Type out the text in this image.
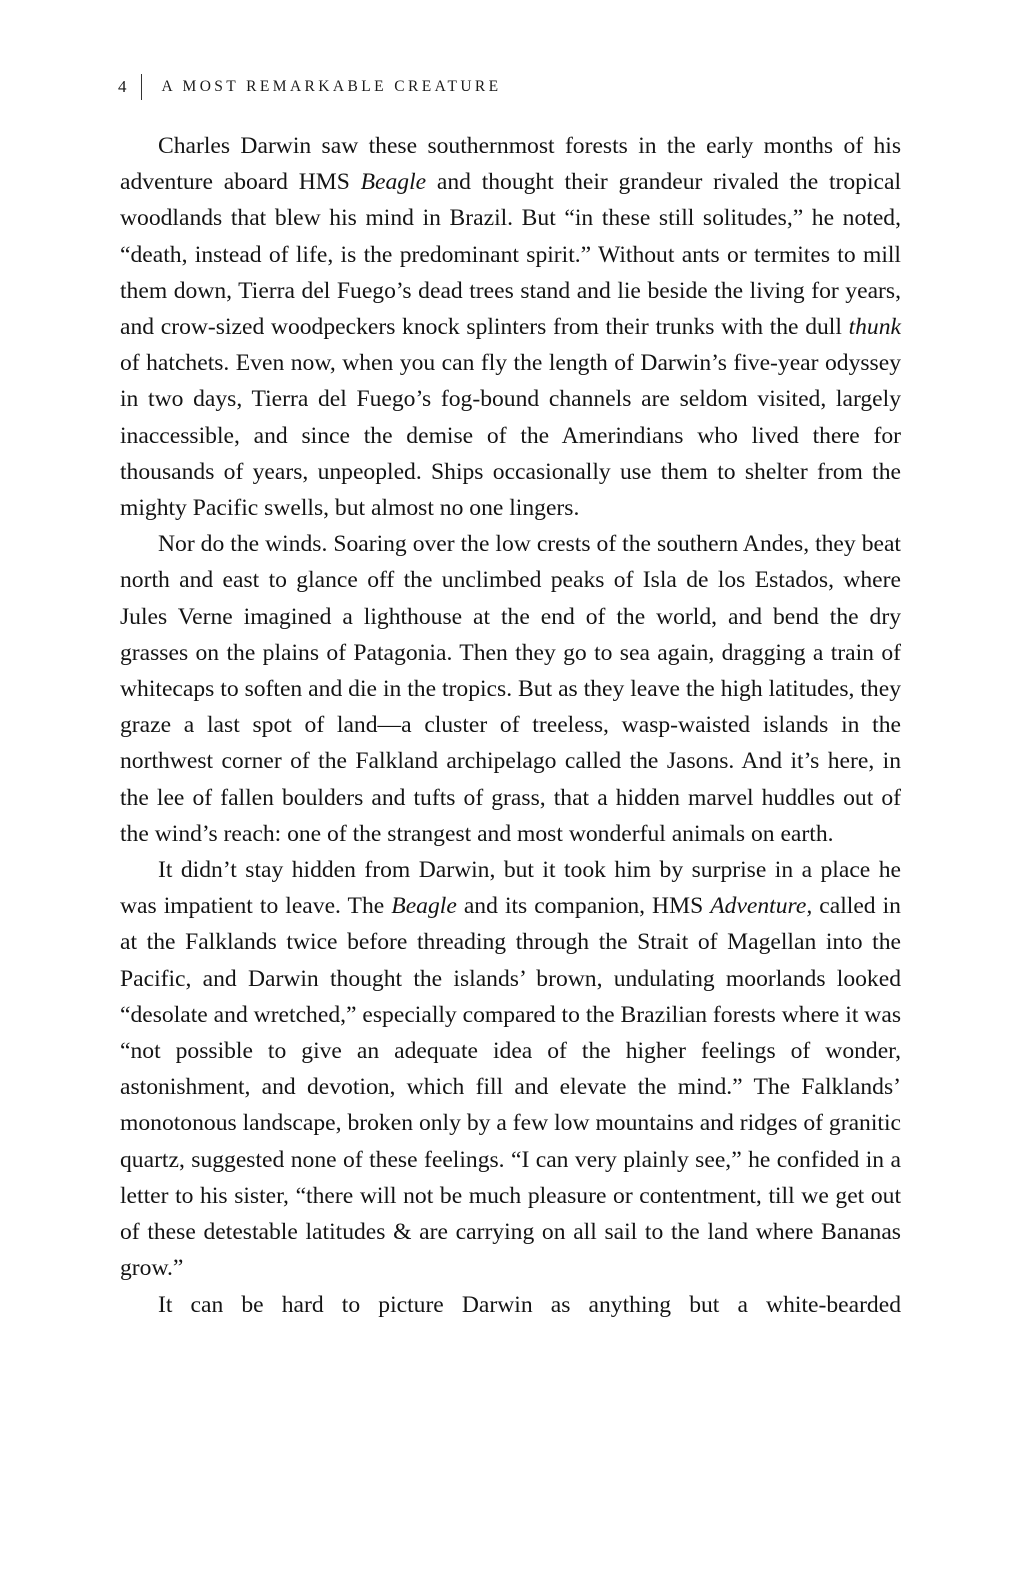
4 A MOST REMARKABLE CREATURE

Charles Darwin saw these southernmost forests in the early months of his adventure aboard HMS Beagle and thought their grandeur rivaled the tropical woodlands that blew his mind in Brazil. But “in these still solitudes,” he noted, “death, instead of life, is the predominant spirit.” Without ants or termites to mill them down, Tierra del Fuego’s dead trees stand and lie beside the living for years, and crow-sized woodpeckers knock splinters from their trunks with the dull thunk of hatchets. Even now, when you can fly the length of Darwin’s five-year odyssey in two days, Tierra del Fuego’s fog-bound channels are seldom visited, largely inaccessible, and since the demise of the Amerindians who lived there for thousands of years, unpeopled. Ships occasionally use them to shelter from the mighty Pacific swells, but almost no one lingers.

Nor do the winds. Soaring over the low crests of the southern Andes, they beat north and east to glance off the unclimbed peaks of Isla de los Estados, where Jules Verne imagined a lighthouse at the end of the world, and bend the dry grasses on the plains of Patagonia. Then they go to sea again, dragging a train of whitecaps to soften and die in the tropics. But as they leave the high latitudes, they graze a last spot of land—a cluster of treeless, wasp-waisted islands in the northwest corner of the Falkland archipelago called the Jasons. And it’s here, in the lee of fallen boulders and tufts of grass, that a hidden marvel huddles out of the wind’s reach: one of the strangest and most wonderful animals on earth.

It didn’t stay hidden from Darwin, but it took him by surprise in a place he was impatient to leave. The Beagle and its companion, HMS Adventure, called in at the Falklands twice before threading through the Strait of Magellan into the Pacific, and Darwin thought the islands’ brown, undulating moorlands looked “desolate and wretched,” especially compared to the Brazilian forests where it was “not possible to give an adequate idea of the higher feelings of wonder, astonishment, and devotion, which fill and elevate the mind.” The Falklands’ monotonous landscape, broken only by a few low mountains and ridges of granitic quartz, suggested none of these feelings. “I can very plainly see,” he confided in a letter to his sister, “there will not be much pleasure or contentment, till we get out of these detestable latitudes & are carrying on all sail to the land where Bananas grow.”

It can be hard to picture Darwin as anything but a white-bearded
